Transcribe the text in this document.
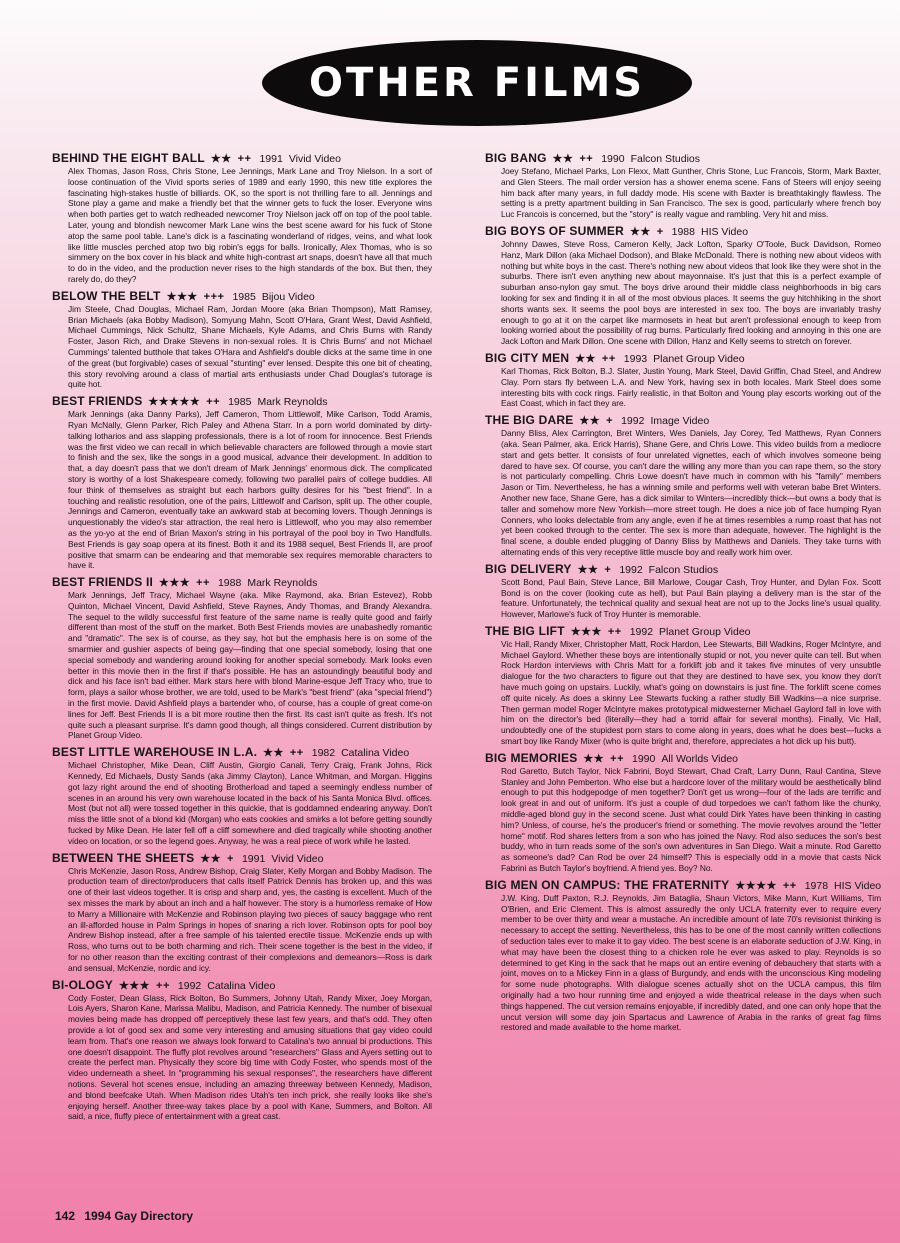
OTHER FILMS
BEHIND THE EIGHT BALL ★★ ++ 1991 Vivid Video

Alex Thomas, Jason Ross, Chris Stone, Lee Jennings, Mark Lane and Troy Nielson. In a sort of loose continuation of the Vivid sports series of 1989 and early 1990, this new title explores the fascinating high-stakes hustle of billiards. OK, so the sport is not thrilling fare to all. Jennings and Stone play a game and make a friendly bet that the winner gets to fuck the loser. Everyone wins when both parties get to watch redheaded newcomer Troy Nielson jack off on top of the pool table. Later, young and blondish newcomer Mark Lane wins the best scene award for his fuck of Stone atop the same pool table. Lane's dick is a fascinating wonderland of ridges, veins, and what look like little muscles perched atop two big robin's eggs for balls. Ironically, Alex Thomas, who is so simmery on the box cover in his black and white high-contrast art snaps, doesn't have all that much to do in the video, and the production never rises to the high standards of the box. But then, they rarely do, do they?

BELOW THE BELT ★★★ +++ 1985 Bijou Video

Jim Steele, Chad Douglas, Michael Ram, Jordan Moore (aka Brian Thompson), Matt Ramsey, Brian Michaels (aka Bobby Madison), Somyung Mahn, Scott O'Hara, Grant West, David Ashfield, Michael Cummings, Nick Schultz, Shane Michaels, Kyle Adams, and Chris Burns with Randy Foster, Jason Rich, and Drake Stevens in non-sexual roles. It is Chris Burns' and not Michael Cummings' talented butthole that takes O'Hara and Ashfield's double dicks at the same time in one of the great (but forgivable) cases of sexual "stunting" ever lensed. Despite this one bit of cheating, this story revolving around a class of martial arts enthusiasts under Chad Douglas's tutorage is quite hot.

BEST FRIENDS ★★★★★ ++ 1985 Mark Reynolds

Mark Jennings (aka Danny Parks), Jeff Cameron, Thom Littlewolf, Mike Carlson, Todd Aramis, Ryan McNally, Glenn Parker, Rich Paley and Athena Starr. In a porn world dominated by dirty-talking lotharios and ass slapping professionals, there is a lot of room for innocence. Best Friends was the first video we can recall in which believable characters are followed through a movie start to finish and the sex, like the songs in a good musical, advance their development. In addition to that, a day doesn't pass that we don't dream of Mark Jennings' enormous dick. The complicated story is worthy of a lost Shakespeare comedy, following two parallel pairs of college buddies. All four think of themselves as straight but each harbors guilty desires for his "best friend". In a touching and realistic resolution, one of the pairs, Littlewolf and Carlson, split up. The other couple, Jennings and Cameron, eventually take an awkward stab at becoming lovers. Though Jennings is unquestionably the video's star attraction, the real hero is Littlewolf, who you may also remember as the yo-yo at the end of Brian Maxon's string in his portrayal of the pool boy in Two Handfulls. Best Friends is gay soap opera at its finest. Both it and its 1988 sequel, Best Friends II, are proof positive that smarm can be endearing and that memorable sex requires memorable characters to have it.

BEST FRIENDS II ★★★ ++ 1988 Mark Reynolds

Mark Jennings, Jeff Tracy, Michael Wayne (aka. Mike Raymond, aka. Brian Estevez), Robb Quinton, Michael Vincent, David Ashfield, Steve Raynes, Andy Thomas, and Brandy Alexandra. The sequel to the wildly successful first feature of the same name is really quite good and fairly different than most of the stuff on the market. Both Best Friends movies are unabashedly romantic and "dramatic". The sex is of course, as they say, hot but the emphasis here is on some of the smarmier and gushier aspects of being gay—finding that one special somebody, losing that one special somebody and wandering around looking for another special somebody. Mark looks even better in this movie then in the first if that's possible. He has an astoundingly beautiful body and dick and his face isn't bad either. Mark stars here with blond Marine-esque Jeff Tracy who, true to form, plays a sailor whose brother, we are told, used to be Mark's "best friend" (aka "special friend") in the first movie. David Ashfield plays a bartender who, of course, has a couple of great come-on lines for Jeff. Best Friends II is a bit more routine then the first. Its cast isn't quite as fresh. It's not quite such a pleasant surprise. It's damn good though, all things considered. Current distribution by Planet Group Video.

BEST LITTLE WAREHOUSE IN L.A. ★★ ++ 1982 Catalina Video

Michael Christopher, Mike Dean, Cliff Austin, Giorgio Canali, Terry Craig, Frank Johns, Rick Kennedy, Ed Michaels, Dusty Sands (aka Jimmy Clayton), Lance Whitman, and Morgan. Higgins got lazy right around the end of shooting Brotherload and taped a seemingly endless number of scenes in an around his very own warehouse located in the back of his Santa Monica Blvd. offices. Most (but not all) were tossed together in this quickie, that is goddamned endearing anyway. Don't miss the little snot of a blond kid (Morgan) who eats cookies and smirks a lot before getting soundly fucked by Mike Dean. He later fell off a cliff somewhere and died tragically while shooting another video on location, or so the legend goes. Anyway, he was a real piece of work while he lasted.

BETWEEN THE SHEETS ★★ + 1991 Vivid Video

Chris McKenzie, Jason Ross, Andrew Bishop, Craig Slater, Kelly Morgan and Bobby Madison. The production team of director/producers that calls itself Patrick Dennis has broken up, and this was one of their last videos together. It is crisp and sharp and, yes, the casting is excellent. Much of the sex misses the mark by about an inch and a half however. The story is a humorless remake of How to Marry a Millionaire with McKenzie and Robinson playing two pieces of saucy baggage who rent an ill-afforded house in Palm Springs in hopes of snaring a rich lover. Robinson opts for pool boy Andrew Bishop instead, after a free sample of his talented erectile tissue. McKenzie ends up with Ross, who turns out to be both charming and rich. Their scene together is the best in the video, if for no other reason than the exciting contrast of their complexions and demeanors—Ross is dark and sensual, McKenzie, nordic and icy.

BI-OLOGY ★★★ ++ 1992 Catalina Video

Cody Foster, Dean Glass, Rick Bolton, Bo Summers, Johnny Utah, Randy Mixer, Joey Morgan, Lois Ayers, Sharon Kane, Marissa Malibu, Madison, and Patricia Kennedy. The number of bisexual movies being made has dropped off perceptively these last few years, and that's odd. They often provide a lot of good sex and some very interesting and amusing situations that gay video could learn from. That's one reason we always look forward to Catalina's two annual bi productions. This one doesn't disappoint. The fluffy plot revolves around "researchers" Glass and Ayers setting out to create the perfect man. Physically they score big time with Cody Foster, who spends most of the video underneath a sheet. In "programming his sexual responses", the researchers have different notions. Several hot scenes ensue, including an amazing threeway between Kennedy, Madison, and blond beefcake Utah. When Madison rides Utah's ten inch prick, she really looks like she's enjoying herself. Another three-way takes place by a pool with Kane, Summers, and Bolton. All said, a nice, fluffy piece of entertainment with a great cast.

BIG BANG ★★ ++ 1990 Falcon Studios

Joey Stefano, Michael Parks, Lon Flexx, Matt Gunther, Chris Stone, Luc Francois, Storm, Mark Baxter, and Glen Steers. The mail order version has a shower enema scene. Fans of Steers will enjoy seeing him back after many years, in full daddy mode. His scene with Baxter is breathtakingly flawless. The setting is a pretty apartment building in San Francisco. The sex is good, particularly where french boy Luc Francois is concerned, but the "story" is really vague and rambling. Very hit and miss.

BIG BOYS OF SUMMER ★★ + 1988 HIS Video

Johnny Dawes, Steve Ross, Cameron Kelly, Jack Lofton, Sparky O'Toole, Buck Davidson, Romeo Hanz, Mark Dillon (aka Michael Dodson), and Blake McDonald. There is nothing new about videos with nothing but white boys in the cast. There's nothing new about videos that look like they were shot in the suburbs. There isn't even anything new about mayonnaise. It's just that this is a perfect example of suburban anso-nylon gay smut. The boys drive around their middle class neighborhoods in big cars looking for sex and finding it in all of the most obvious places. It seems the guy hitchhiking in the short shorts wants sex. It seems the pool boys are interested in sex too. The boys are invariably trashy enough to go at it on the carpet like marmosets in heat but aren't professional enough to keep from looking worried about the possibility of rug burns. Particularly fired looking and annoying in this one are Jack Lofton and Mark Dillon. One scene with Dillon, Hanz and Kelly seems to stretch on forever.

BIG CITY MEN ★★ ++ 1993 Planet Group Video

Karl Thomas, Rick Bolton, B.J. Slater, Justin Young, Mark Steel, David Griffin, Chad Steel, and Andrew Clay. Porn stars fly between L.A. and New York, having sex in both locales. Mark Steel does some interesting bits with cock rings. Fairly realistic, in that Bolton and Young play escorts working out of the East Coast, which in fact they are.

THE BIG DARE ★★ + 1992 Image Video

Danny Bliss, Alex Carrington, Bret Winters, Wes Daniels, Jay Corey, Ted Matthews, Ryan Conners (aka. Sean Palmer, aka. Erick Harris), Shane Gere, and Chris Lowe. This video builds from a mediocre start and gets better. It consists of four unrelated vignettes, each of which involves someone being dared to have sex. Of course, you can't dare the willing any more than you can rape them, so the story is not particularly compelling. Chris Lowe doesn't have much in common with his "family" members Jason or Tim. Nevertheless, he has a winning smile and performs well with veteran babe Bret Winters. Another new face, Shane Gere, has a dick similar to Winters—incredibly thick—but owns a body that is taller and somehow more New Yorkish—more street tough. He does a nice job of face humping Ryan Conners, who looks delectable from any angle, even if he at times resembles a rump roast that has not yet been cooked through to the center. The sex is more than adequate, however. The highlight is the final scene, a double ended plugging of Danny Bliss by Matthews and Daniels. They take turns with alternating ends of this very receptive little muscle boy and really work him over.

BIG DELIVERY ★★ + 1992 Falcon Studios

Scott Bond, Paul Bain, Steve Lance, Bill Marlowe, Cougar Cash, Troy Hunter, and Dylan Fox. Scott Bond is on the cover (looking cute as hell), but Paul Bain playing a delivery man is the star of the feature. Unfortunately, the technical quality and sexual heat are not up to the Jocks line's usual quality. However, Marlowe's fuck of Troy Hunter is memorable.

THE BIG LIFT ★★★ ++ 1992 Planet Group Video

Vic Hall, Randy Mixer, Christopher Matt, Rock Hardon, Lee Stewarts, Bill Wadkins, Roger McIntyre, and Michael Gaylord. Whether these boys are intentionally stupid or not, you never quite can tell. But when Rock Hardon interviews with Chris Matt for a forklift job and it takes five minutes of very unsubtle dialogue for the two characters to figure out that they are destined to have sex, you know they don't have much going on upstairs. Luckily, what's going on downstairs is just fine. The forklift scene comes off quite nicely. As does a skinny Lee Stewarts fucking a rather studly Bill Wadkins—a nice surprise. Then german model Roger McIntyre makes prototypical midwesterner Michael Gaylord fall in love with him on the director's bed (literally—they had a torrid affair for several months). Finally, Vic Hall, undoubtedly one of the stupidest porn stars to come along in years, does what he does best—fucks a smart boy like Randy Mixer (who is quite bright and, therefore, appreciates a hot dick up his butt).

BIG MEMORIES ★★ ++ 1990 All Worlds Video

Rod Garetto, Butch Taylor, Nick Fabrini, Boyd Stewart, Chad Craft, Larry Dunn, Raul Cantina, Steve Stanley and John Pemberton. Who else but a hardcore lover of the military would be aesthetically blind enough to put this hodgepodge of men together? Don't get us wrong—four of the lads are terrific and look great in and out of uniform. It's just a couple of dud torpedoes we can't fathom like the chunky, middle-aged blond guy in the second scene. Just what could Dirk Yates have been thinking in casting him? Unless, of course, he's the producer's friend or something. The movie revolves around the "letter home" motif. Rod shares letters from a son who has joined the Navy. Rod also seduces the son's best buddy, who in turn reads some of the son's own adventures in San Diego. Wait a minute. Rod Garetto as someone's dad? Can Rod be over 24 himself? This is especially odd in a movie that casts Nick Fabrini as Butch Taylor's boyfriend. A friend yes. Boy? No.

BIG MEN ON CAMPUS: THE FRATERNITY ★★★★ ++ 1978 HIS Video

J.W. King, Duff Paxton, R.J. Reynolds, Jim Bataglia, Shaun Victors, Mike Mann, Kurt Williams, Tim O'Brien, and Eric Clement. This is almost assuredly the only UCLA fraternity ever to require every member to be over thirty and wear a mustache. An incredible amount of late 70's revisionist thinking is necessary to accept the setting. Nevertheless, this has to be one of the most cannily written collections of seduction tales ever to make it to gay video. The best scene is an elaborate seduction of J.W. King, in what may have been the closest thing to a chicken role he ever was asked to play. Reynolds is so determined to get King in the sack that he maps out an entire evening of debauchery that starts with a joint, moves on to a Mickey Finn in a glass of Burgundy, and ends with the unconscious King modeling for some nude photographs. With dialogue scenes actually shot on the UCLA campus, this film originally had a two hour running time and enjoyed a wide theatrical release in the days when such things happened. The cut version remains enjoyable, if incredibly dated, and one can only hope that the uncut version will some day join Spartacus and Lawrence of Arabia in the ranks of great fag films restored and made available to the home market.

142 1994 Gay Directory
